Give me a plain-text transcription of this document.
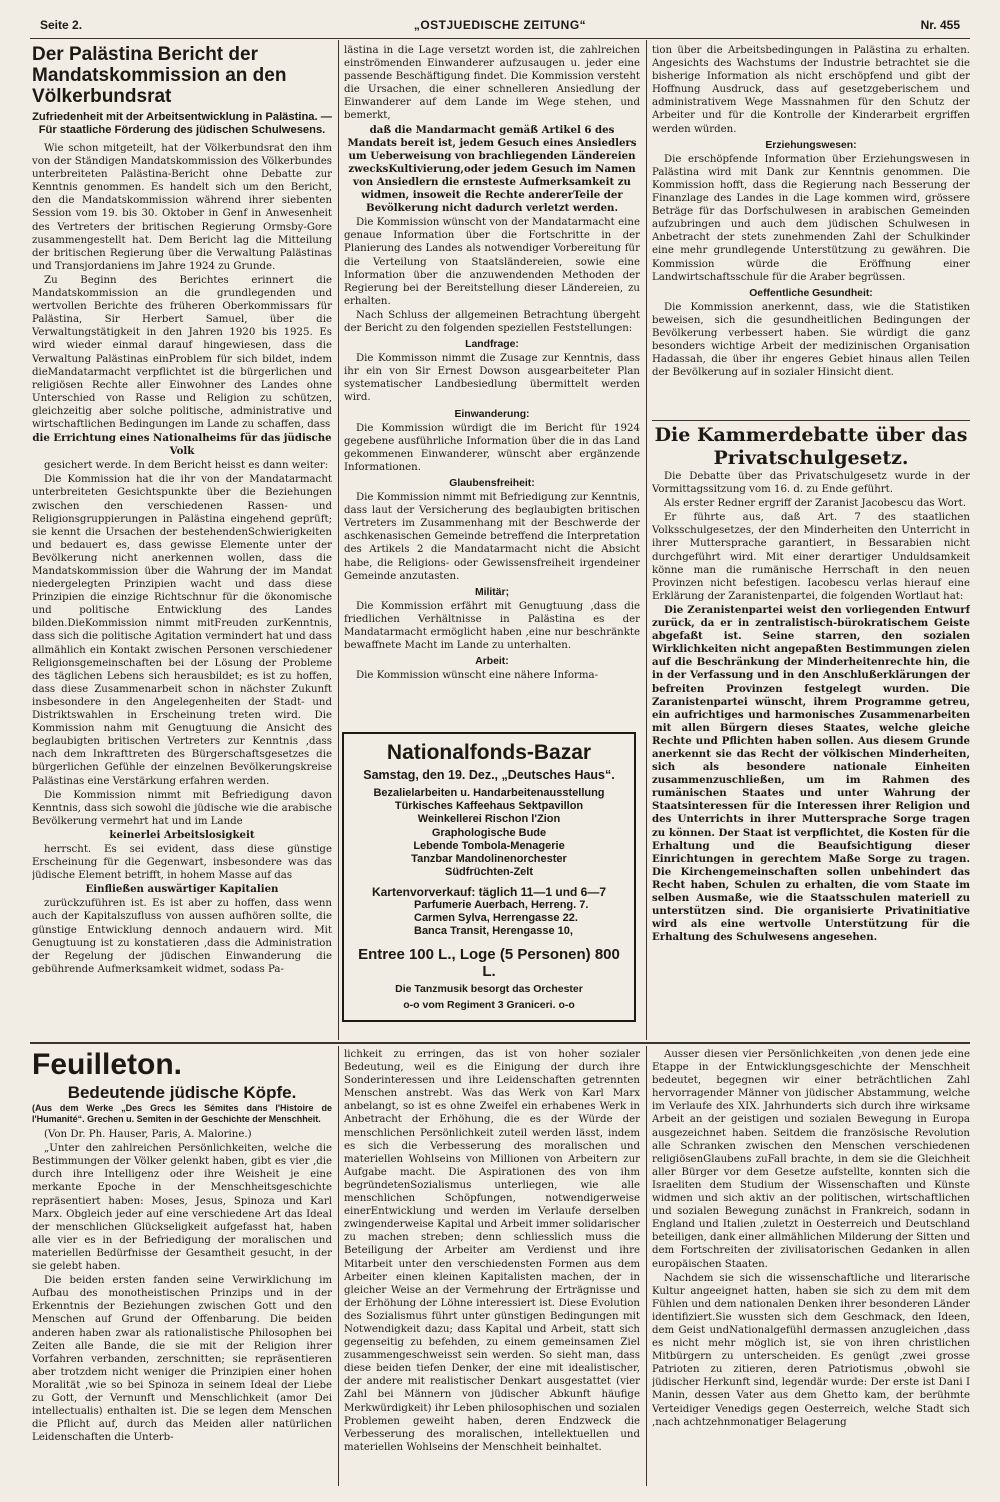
Seite 2.	„OSTJUEDISCHE ZEITUNG“	Nr. 455
Der Palästina Bericht der Mandatskommission an den Völkerbundsrat
Zufriedenheit mit der Arbeitsentwicklung in Palästina. — Für staatliche Förderung des jüdischen Schulwesens.

Wie schon mitgeteilt, hat der Völkerbundsrat den ihm von der Ständigen Mandatskommission des Völkerbundes unterbreiteten Palästina-Bericht ohne Debatte zur Kenntnis genommen. Es handelt sich um den Bericht, den die Mandatskommission während ihrer siebenten Session vom 19. bis 30. Oktober in Genf in Anwesenheit des Vertreters der britischen Regierung Ormsby-Gore zusammengestellt hat. Dem Bericht lag die Mitteilung der britischen Regierung über die Verwaltung Palästinas und Transjordaniens im Jahre 1924 zu Grunde.

Zu Beginn des Berichtes erinnert die Mandatskommission an die grundlegenden und wertvollen Berichte des früheren Oberkommissars für Palästina, Sir Herbert Samuel, über die Verwaltungstätigkeit in den Jahren 1920 bis 1925. Es wird wieder einmal darauf hingewiesen, dass die Verwaltung Palästinas einProblem für sich bildet, indem dieMandatarmacht verpflichtet ist die bürgerlichen und religiösen Rechte aller Einwohner des Landes ohne Unterschied von Rasse und Religion zu schützen, gleichzeitig aber solche politische, administrative und wirtschaftlichen Bedingungen im Lande zu schaffen, dass

die Errichtung eines Nationalheims für das jüdische Volk

gesichert werde. In dem Bericht heisst es dann weiter:

Die Kommission hat die ihr von der Mandatarmacht unterbreiteten Gesichtspunkte über die Beziehungen zwischen den verschiedenen Rassen- und Religionsgruppierungen in Palästina eingehend geprüft; sie kennt die Ursachen der bestehendenSchwierigkeiten und bedauert es, dass gewisse Elemente unter der Bevölkerung nicht anerkennen wollen, dass die Mandatskommission über die Wahrung der im Mandat niedergelegten Prinzipien wacht und dass diese Prinzipien die einzige Richtschnur für die ökonomische und politische Entwicklung des Landes bilden.DieKommission nimmt mitFreuden zurKenntnis, dass sich die politische Agitation vermindert hat und dass allmählich ein Kontakt zwischen Personen verschiedener Religionsgemeinschaften bei der Lösung der Probleme des täglichen Lebens sich herausbildet; es ist zu hoffen, dass diese Zusammenarbeit schon in nächster Zukunft insbesondere in den Angelegenheiten der Stadt- und Distriktswahlen in Erscheinung treten wird. Die Kommission nahm mit Genugtuung die Ansicht des beglaubigten britischen Vertreters zur Kenntnis ,dass nach dem Inkrafttreten des Bürgerschaftsgesetzes die bürgerlichen Gefühle der einzelnen Bevölkerungskreise Palästinas eine Verstärkung erfahren werden.

Die Kommission nimmt mit Befriedigung davon Kenntnis, dass sich sowohl die jüdische wie die arabische Bevölkerung vermehrt hat und im Lande

keinerlei Arbeitslosigkeit

herrscht. Es sei evident, dass diese günstige Erscheinung für die Gegenwart, insbesondere was das jüdische Element betrifft, in hohem Masse auf das

Einfließen auswärtiger Kapitalien

zurückzuführen ist. Es ist aber zu hoffen, dass wenn auch der Kapitalszufluss von aussen aufhören sollte, die günstige Entwicklung dennoch andauern wird. Mit Genugtuung ist zu konstatieren ,dass die Administration der Regelung der jüdischen Einwanderung die gebührende Aufmerksamkeit widmet, sodass Pa-

lästina in die Lage versetzt worden ist, die zahlreichen einströmenden Einwanderer aufzusaugen u. jeder eine passende Beschäftigung findet. Die Kommission versteht die Ursachen, die einer schnelleren Ansiedlung der Einwanderer auf dem Lande im Wege stehen, und bemerkt,

daß die Mandarmacht gemäß Artikel 6 des Mandats bereit ist, jedem Gesuch eines Ansiedlers um Ueberweisung von brachliegenden Ländereien zwecksKultivierung,oder jedem Gesuch im Namen von Ansiedlern die ernsteste Aufmerksamkeit zu widmen, insoweit die Rechte andererTeile der Bevölkerung nicht dadurch verletzt werden.

Die Kommission wünscht von der Mandatarmacht eine genaue Information über die Fortschritte in der Planierung des Landes als notwendiger Vorbereitung für die Verteilung von Staatsländereien, sowie eine Information über die anzuwendenden Methoden der Regierung bei der Bereitstellung dieser Ländereien, zu erhalten.

Nach Schluss der allgemeinen Betrachtung übergeht der Bericht zu den folgenden speziellen Feststellungen:

Landfrage:

Die Kommisson nimmt die Zusage zur Kenntnis, dass ihr ein von Sir Ernest Dowson ausgearbeiteter Plan systematischer Landbesiedlung übermittelt werden wird.

Einwanderung:

Die Kommission würdigt die im Bericht für 1924 gegebene ausführliche Information über die in das Land gekommenen Einwanderer, wünscht aber ergänzende Informationen.

Glaubensfreiheit:

Die Kommission nimmt mit Befriedigung zur Kenntnis, dass laut der Versicherung des beglaubigten britischen Vertreters im Zusammenhang mit der Beschwerde der aschkenasischen Gemeinde betreffend die Interpretation des Artikels 2 die Mandatarmacht nicht die Absicht habe, die Religions- oder Gewissensfreiheit irgendeiner Gemeinde anzutasten.

Militär;

Die Kommission erfährt mit Genugtuung ,dass die friedlichen Verhältnisse in Palästina es der Mandatarmacht ermöglicht haben ,eine nur beschränkte bewaffnete Macht im Lande zu unterhalten.

Arbeit:

Die Kommission wünscht eine nähere Informa-

Nationalfonds-Bazar
Samstag, den 19. Dez., „Deutsches Haus“.
Bezalielarbeiten u. Handarbeitenausstellung
Türkisches Kaffeehaus Sektpavillon
Weinkellerei Rischon l'Zion
Graphologische Bude
Lebende Tombola-Menagerie
Tanzbar Mandolinenorchester
Südfrüchten-Zelt
Kartenvorverkauf: täglich 11—1 und 6—7
Parfumerie Auerbach, Herreng. 7.
Carmen Sylva, Herrengasse 22.
Banca Transit, Herengasse 10,
Entree 100 L., Loge (5 Personen) 800 L.
Die Tanzmusik besorgt das Orchester
o-o vom Regiment 3 Graniceri. o-o

tion über die Arbeitsbedingungen in Palästina zu erhalten. Angesichts des Wachstums der Industrie betrachtet sie die bisherige Information als nicht erschöpfend und gibt der Hoffnung Ausdruck, dass auf gesetzgeberischem und administrativem Wege Massnahmen für den Schutz der Arbeiter und für die Kontrolle der Kinderarbeit ergriffen werden würden.

Erziehungswesen:

Die erschöpfende Information über Erziehungswesen in Palästina wird mit Dank zur Kenntnis genommen. Die Kommission hofft, dass die Regierung nach Besserung der Finanzlage des Landes in die Lage kommen wird, grössere Beträge für das Dorfschulwesen in arabischen Gemeinden aufzubringen und auch dem jüdischen Schulwesen in Anbetracht der stets zunehmenden Zahl der Schulkinder eine mehr grundlegende Unterstützung zu gewähren. Die Kommission würde die Eröffnung einer Landwirtschaftsschule für die Araber begrüssen.

Oeffentliche Gesundheit:

Die Kommission anerkennt, dass, wie die Statistiken beweisen, sich die gesundheitlichen Bedingungen der Bevölkerung verbessert haben. Sie würdigt die ganz besonders wichtige Arbeit der medizinischen Organisation Hadassah, die über ihr engeres Gebiet hinaus allen Teilen der Bevölkerung auf in sozialer Hinsicht dient.

Die Kammerdebatte über das Privatschulgesetz.

Die Debatte über das Privatschulgesetz wurde in der Vormittagssitzung vom 16. d. zu Ende geführt.

Als erster Redner ergriff der Zaranist Jacobescu das Wort.

Er führte aus, daß Art. 7 des staatlichen Volksschulgesetzes, der den Minderheiten den Unterricht in ihrer Muttersprache garantiert, in Bessarabien nicht durchgeführt wird. Mit einer derartiger Unduldsamkeit könne man die rumänische Herrschaft in den neuen Provinzen nicht befestigen. Iacobescu verlas hierauf eine Erklärung der Zaranistenpartei, die folgenden Wortlaut hat:

Die Zeranistenpartei weist den vorliegenden Entwurf zurück, da er in zentralistisch-bürokratischem Geiste abgefaßt ist. Seine starren, den sozialen Wirklichkeiten nicht angepaßten Bestimmungen zielen auf die Beschränkung der Minderheitenrechte hin, die in der Verfassung und in den Anschlußerklärungen der befreiten Provinzen festgelegt wurden. Die Zaranistenpartei wünscht, ihrem Programme getreu, ein aufrichtiges und harmonisches Zusammenarbeiten mit allen Bürgern dieses Staates, welche gleiche Rechte und Pflichten haben sollen. Aus diesem Grunde anerkennt sie das Recht der völkischen Minderheiten, sich als besondere nationale Einheiten zusammenzuschließen, um im Rahmen des rumänischen Staates und unter Wahrung der Staatsinteressen für die Interessen ihrer Religion und des Unterrichts in ihrer Muttersprache Sorge tragen zu können. Der Staat ist verpflichtet, die Kosten für die Erhaltung und die Beaufsichtigung dieser Einrichtungen in gerechtem Maße Sorge zu tragen. Die Kirchengemeinschaften sollen unbehindert das Recht haben, Schulen zu erhalten, die vom Staate im selben Ausmaße, wie die Staatsschulen materiell zu unterstützen sind. Die organisierte Privatinitiative wird als eine wertvolle Unterstützung für die Erhaltung des Schulwesens angesehen.

Feuilleton.
Bedeutende jüdische Köpfe.
(Aus dem Werke „Des Grecs les Sémites dans l'Histoire de l'Humanité“. Grechen u. Semiten in der Geschichte der Menschheit.

(Von Dr. Ph. Hauser, Paris, A. Malorine.)

„Unter den zahlreichen Persönlichkeiten, welche die Bestimmungen der Völker gelenkt haben, gibt es vier ,die durch ihre Intelligenz oder ihre Weisheit je eine merkante Epoche in der Menschheitsgeschichte repräsentiert haben: Moses, Jesus, Spinoza und Karl Marx. Obgleich jeder auf eine verschiedene Art das Ideal der menschlichen Glückseligkeit aufgefasst hat, haben alle vier es in der Befriedigung der moralischen und materiellen Bedürfnisse der Gesamtheit gesucht, in der sie gelebt haben.

Die beiden ersten fanden seine Verwirklichung im Aufbau des monotheistischen Prinzips und in der Erkenntnis der Beziehungen zwischen Gott und den Menschen auf Grund der Offenbarung. Die beiden anderen haben zwar als rationalistische Philosophen bei Zeiten alle Bande, die sie mit der Religion ihrer Vorfahren verbanden, zerschnitten; sie repräsentieren aber trotzdem nicht weniger die Prinzipien einer hohen Moralität ,wie so bei Spinoza in seinem Ideal der Liebe zu Gott, der Vernunft und Menschlichkeit (amor Dei intellectualis) enthalten ist. Die se legen dem Menschen die Pflicht auf, durch das Meiden aller natürlichen Leidenschaften die Unterb-

lichkeit zu erringen, das ist von hoher sozialer Bedeutung, weil es die Einigung der durch ihre Sonderinteressen und ihre Leidenschaften getrennten Menschen anstrebt. Was das Werk von Karl Marx anbelangt, so ist es ohne Zweifel ein erhabenes Werk in Anbetracht der Erhöhung, die es der Würde der menschlichen Persönlichkeit zuteil werden lässt, indem es sich die Verbesserung des moralischen und materiellen Wohlseins von Millionen von Arbeitern zur Aufgabe macht. Die Aspirationen des von ihm begründetenSozialismus unterliegen, wie alle menschlichen Schöpfungen, notwendigerweise einerEntwicklung und werden im Verlaufe derselben zwingenderweise Kapital und Arbeit immer solidarischer zu machen streben; denn schliesslich muss die Beteiligung der Arbeiter am Verdienst und ihre Mitarbeit unter den verschiedensten Formen aus dem Arbeiter einen kleinen Kapitalisten machen, der in gleicher Weise an der Vermehrung der Erträgnisse und der Erhöhung der Löhne interessiert ist. Diese Evolution des Sozialismus führt unter günstigen Bedingungen mit Notwendigkeit dazu; dass Kapital und Arbeit, statt sich gegenseitig zu befehden, zu einem gemeinsamen Ziel zusammengeschweisst sein werden. So sieht man, dass diese beiden tiefen Denker, der eine mit idealistischer, der andere mit realistischer Denkart ausgestattet (vier Zahl bei Männern von jüdischer Abkunft häufige Merkwürdigkeit) ihr Leben philosophischen und sozialen Problemen geweiht haben, deren Endzweck die Verbesserung des moralischen, intellektuellen und materiellen Wohlseins der Menschheit beinhaltet.

Ausser diesen vier Persönlichkeiten ,von denen jede eine Etappe in der Entwicklungsgeschichte der Menschheit bedeutet, begegnen wir einer beträchtlichen Zahl hervorragender Männer von jüdischer Abstammung, welche im Verlaufe des XIX. Jahrhunderts sich durch ihre wirksame Arbeit an der geistigen und sozialen Bewegung in Europa ausgezeichnet haben. Seitdem die französische Revolution alle Schranken zwischen den Menschen verschiedenen religiösenGlaubens zuFall brachte, in dem sie die Gleichheit aller Bürger vor dem Gesetze aufstellte, konnten sich die Israeliten dem Studium der Wissenschaften und Künste widmen und sich aktiv an der politischen, wirtschaftlichen und sozialen Bewegung zunächst in Frankreich, sodann in England und Italien ,zuletzt in Oesterreich und Deutschland beteiligen, dank einer allmählichen Milderung der Sitten und dem Fortschreiten der zivilisatorischen Gedanken in allen europäischen Staaten.

Nachdem sie sich die wissenschaftliche und literarische Kultur angeeignet hatten, haben sie sich zu dem mit dem Fühlen und dem nationalen Denken ihrer besonderen Länder identifiziert.Sie wussten sich dem Geschmack, den Ideen, dem Geist undNationalgefühl dermassen anzugleichen ,dass es nicht mehr möglich ist, sie von ihren christlichen Mitbürgern zu unterscheiden. Es genügt ,zwei grosse Patrioten zu zitieren, deren Patriotismus ,obwohl sie jüdischer Herkunft sind, legendär wurde: Der erste ist Dani I Manin, dessen Vater aus dem Ghetto kam, der berühmte Verteidiger Venedigs gegen Oesterreich, welche Stadt sich ,nach achtzehnmonatiger Belagerung
